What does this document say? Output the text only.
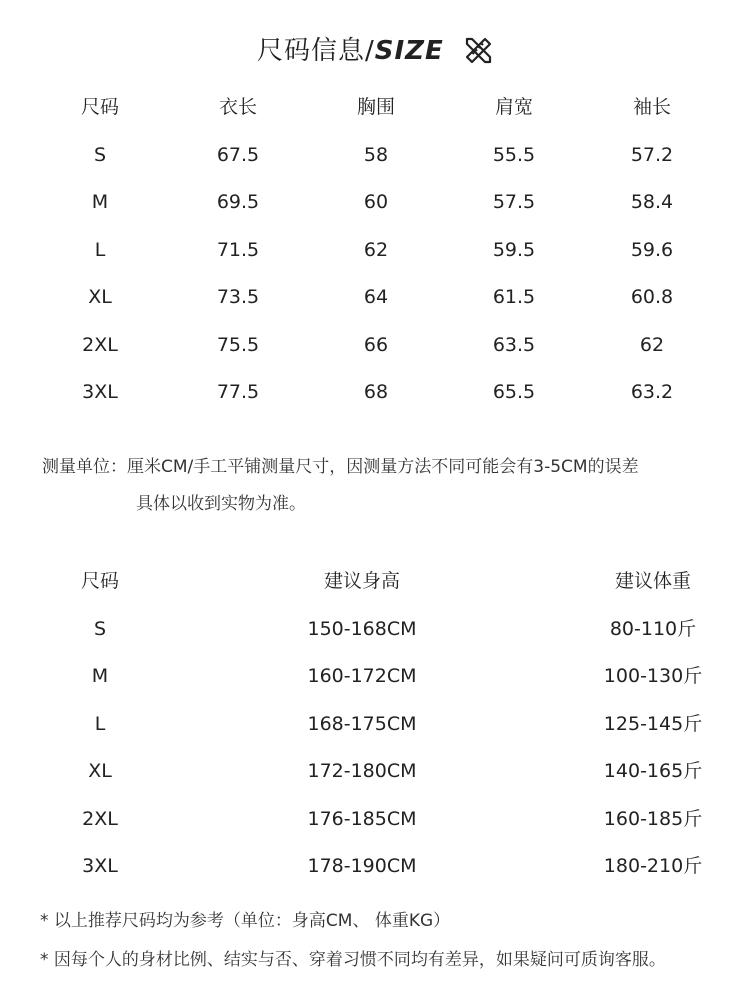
尺码信息/SIZE
尺码	衣长	胸围	肩宽	袖长
S	67.5	58	55.5	57.2
M	69.5	60	57.5	58.4
L	71.5	62	59.5	59.6
XL	73.5	64	61.5	60.8
2XL	75.5	66	63.5	62
3XL	77.5	68	65.5	63.2
测量单位：厘米CM/手工平铺测量尺寸，因测量方法不同可能会有3-5CM的误差
具体以收到实物为准。
尺码	建议身高	建议体重
S	150-168CM	80-110斤
M	160-172CM	100-130斤
L	168-175CM	125-145斤
XL	172-180CM	140-165斤
2XL	176-185CM	160-185斤
3XL	178-190CM	180-210斤
* 以上推荐尺码均为参考（单位：身高CM、 体重KG）
* 因每个人的身材比例、结实与否、穿着习惯不同均有差异，如果疑问可质询客服。
